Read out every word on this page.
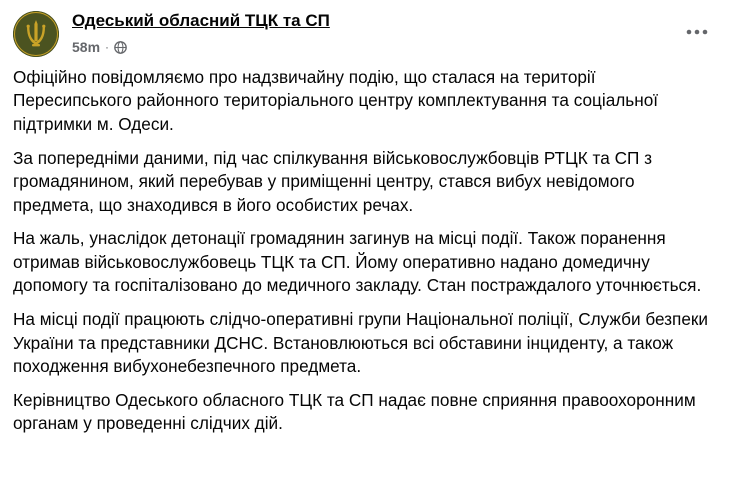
Одеський обласний ТЦК та СП
58m ·

Офіційно повідомляємо про надзвичайну подію, що сталася на території Пересипського районного територіального центру комплектування та соціальної підтримки м. Одеси.

За попередніми даними, під час спілкування військовослужбовців РТЦК та СП з громадянином, який перебував у приміщенні центру, стався вибух невідомого предмета, що знаходився в його особистих речах.

На жаль, унаслідок детонації громадянин загинув на місці події. Також поранення отримав військовослужбовець ТЦК та СП. Йому оперативно надано домедичну допомогу та госпіталізовано до медичного закладу. Стан постраждалого уточнюється.

На місці події працюють слідчо-оперативні групи Національної поліції, Служби безпеки України та представники ДСНС. Встановлюються всі обставини інциденту, а також походження вибухонебезпечного предмета.

Керівництво Одеського обласного ТЦК та СП надає повне сприяння правоохоронним органам у проведенні слідчих дій.
